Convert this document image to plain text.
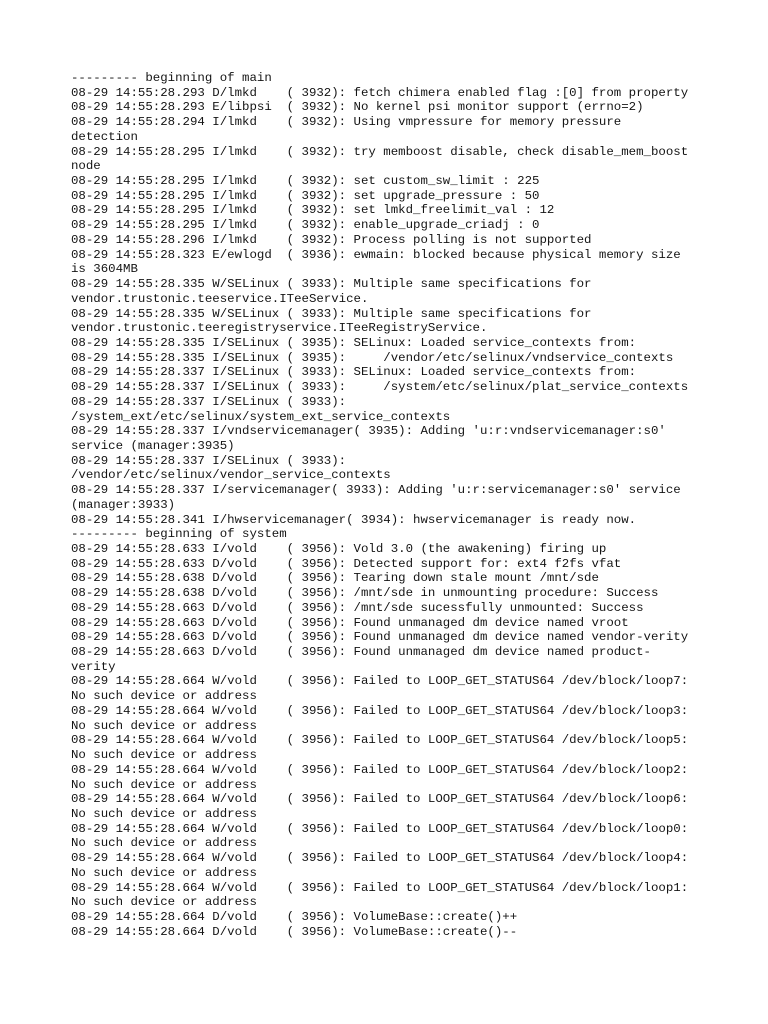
--------- beginning of main
08-29 14:55:28.293 D/lmkd    ( 3932): fetch chimera enabled flag :[0] from property
08-29 14:55:28.293 E/libpsi  ( 3932): No kernel psi monitor support (errno=2)
08-29 14:55:28.294 I/lmkd    ( 3932): Using vmpressure for memory pressure
detection
08-29 14:55:28.295 I/lmkd    ( 3932): try memboost disable, check disable_mem_boost
node
08-29 14:55:28.295 I/lmkd    ( 3932): set custom_sw_limit : 225
08-29 14:55:28.295 I/lmkd    ( 3932): set upgrade_pressure : 50
08-29 14:55:28.295 I/lmkd    ( 3932): set lmkd_freelimit_val : 12
08-29 14:55:28.295 I/lmkd    ( 3932): enable_upgrade_criadj : 0
08-29 14:55:28.296 I/lmkd    ( 3932): Process polling is not supported
08-29 14:55:28.323 E/ewlogd  ( 3936): ewmain: blocked because physical memory size
is 3604MB
08-29 14:55:28.335 W/SELinux ( 3933): Multiple same specifications for
vendor.trustonic.teeservice.ITeeService.
08-29 14:55:28.335 W/SELinux ( 3933): Multiple same specifications for
vendor.trustonic.teeregistryservice.ITeeRegistryService.
08-29 14:55:28.335 I/SELinux ( 3935): SELinux: Loaded service_contexts from:
08-29 14:55:28.335 I/SELinux ( 3935):     /vendor/etc/selinux/vndservice_contexts
08-29 14:55:28.337 I/SELinux ( 3933): SELinux: Loaded service_contexts from:
08-29 14:55:28.337 I/SELinux ( 3933):     /system/etc/selinux/plat_service_contexts
08-29 14:55:28.337 I/SELinux ( 3933):
/system_ext/etc/selinux/system_ext_service_contexts
08-29 14:55:28.337 I/vndservicemanager( 3935): Adding 'u:r:vndservicemanager:s0'
service (manager:3935)
08-29 14:55:28.337 I/SELinux ( 3933):
/vendor/etc/selinux/vendor_service_contexts
08-29 14:55:28.337 I/servicemanager( 3933): Adding 'u:r:servicemanager:s0' service
(manager:3933)
08-29 14:55:28.341 I/hwservicemanager( 3934): hwservicemanager is ready now.
--------- beginning of system
08-29 14:55:28.633 I/vold    ( 3956): Vold 3.0 (the awakening) firing up
08-29 14:55:28.633 D/vold    ( 3956): Detected support for: ext4 f2fs vfat
08-29 14:55:28.638 D/vold    ( 3956): Tearing down stale mount /mnt/sde
08-29 14:55:28.638 D/vold    ( 3956): /mnt/sde in unmounting procedure: Success
08-29 14:55:28.663 D/vold    ( 3956): /mnt/sde sucessfully unmounted: Success
08-29 14:55:28.663 D/vold    ( 3956): Found unmanaged dm device named vroot
08-29 14:55:28.663 D/vold    ( 3956): Found unmanaged dm device named vendor-verity
08-29 14:55:28.663 D/vold    ( 3956): Found unmanaged dm device named product-
verity
08-29 14:55:28.664 W/vold    ( 3956): Failed to LOOP_GET_STATUS64 /dev/block/loop7:
No such device or address
08-29 14:55:28.664 W/vold    ( 3956): Failed to LOOP_GET_STATUS64 /dev/block/loop3:
No such device or address
08-29 14:55:28.664 W/vold    ( 3956): Failed to LOOP_GET_STATUS64 /dev/block/loop5:
No such device or address
08-29 14:55:28.664 W/vold    ( 3956): Failed to LOOP_GET_STATUS64 /dev/block/loop2:
No such device or address
08-29 14:55:28.664 W/vold    ( 3956): Failed to LOOP_GET_STATUS64 /dev/block/loop6:
No such device or address
08-29 14:55:28.664 W/vold    ( 3956): Failed to LOOP_GET_STATUS64 /dev/block/loop0:
No such device or address
08-29 14:55:28.664 W/vold    ( 3956): Failed to LOOP_GET_STATUS64 /dev/block/loop4:
No such device or address
08-29 14:55:28.664 W/vold    ( 3956): Failed to LOOP_GET_STATUS64 /dev/block/loop1:
No such device or address
08-29 14:55:28.664 D/vold    ( 3956): VolumeBase::create()++
08-29 14:55:28.664 D/vold    ( 3956): VolumeBase::create()--
